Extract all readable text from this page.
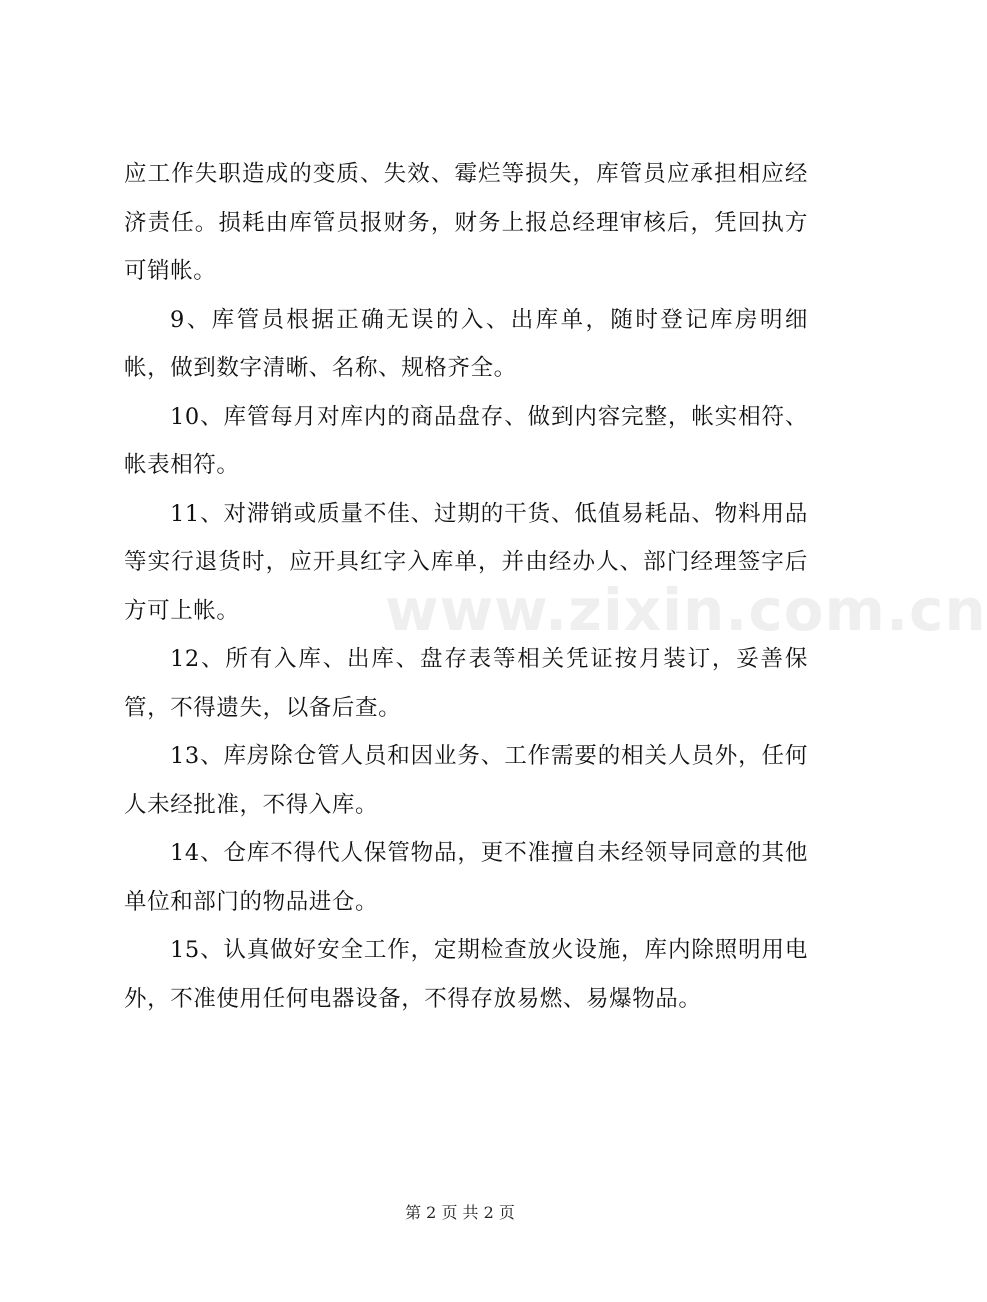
应工作失职造成的变质、失效、霉烂等损失，库管员应承担相应经济责任。损耗由库管员报财务，财务上报总经理审核后，凭回执方可销帐。

9、库管员根据正确无误的入、出库单，随时登记库房明细帐，做到数字清晰、名称、规格齐全。

10、库管每月对库内的商品盘存、做到内容完整，帐实相符、帐表相符。

11、对滞销或质量不佳、过期的干货、低值易耗品、物料用品等实行退货时，应开具红字入库单，并由经办人、部门经理签字后方可上帐。

12、所有入库、出库、盘存表等相关凭证按月装订，妥善保管，不得遗失，以备后查。

13、库房除仓管人员和因业务、工作需要的相关人员外，任何人未经批准，不得入库。

14、仓库不得代人保管物品，更不准擅自未经领导同意的其他单位和部门的物品进仓。

15、认真做好安全工作，定期检查放火设施，库内除照明用电外，不准使用任何电器设备，不得存放易燃、易爆物品。

www.zixin.com.cn
第 2 页 共 2 页
